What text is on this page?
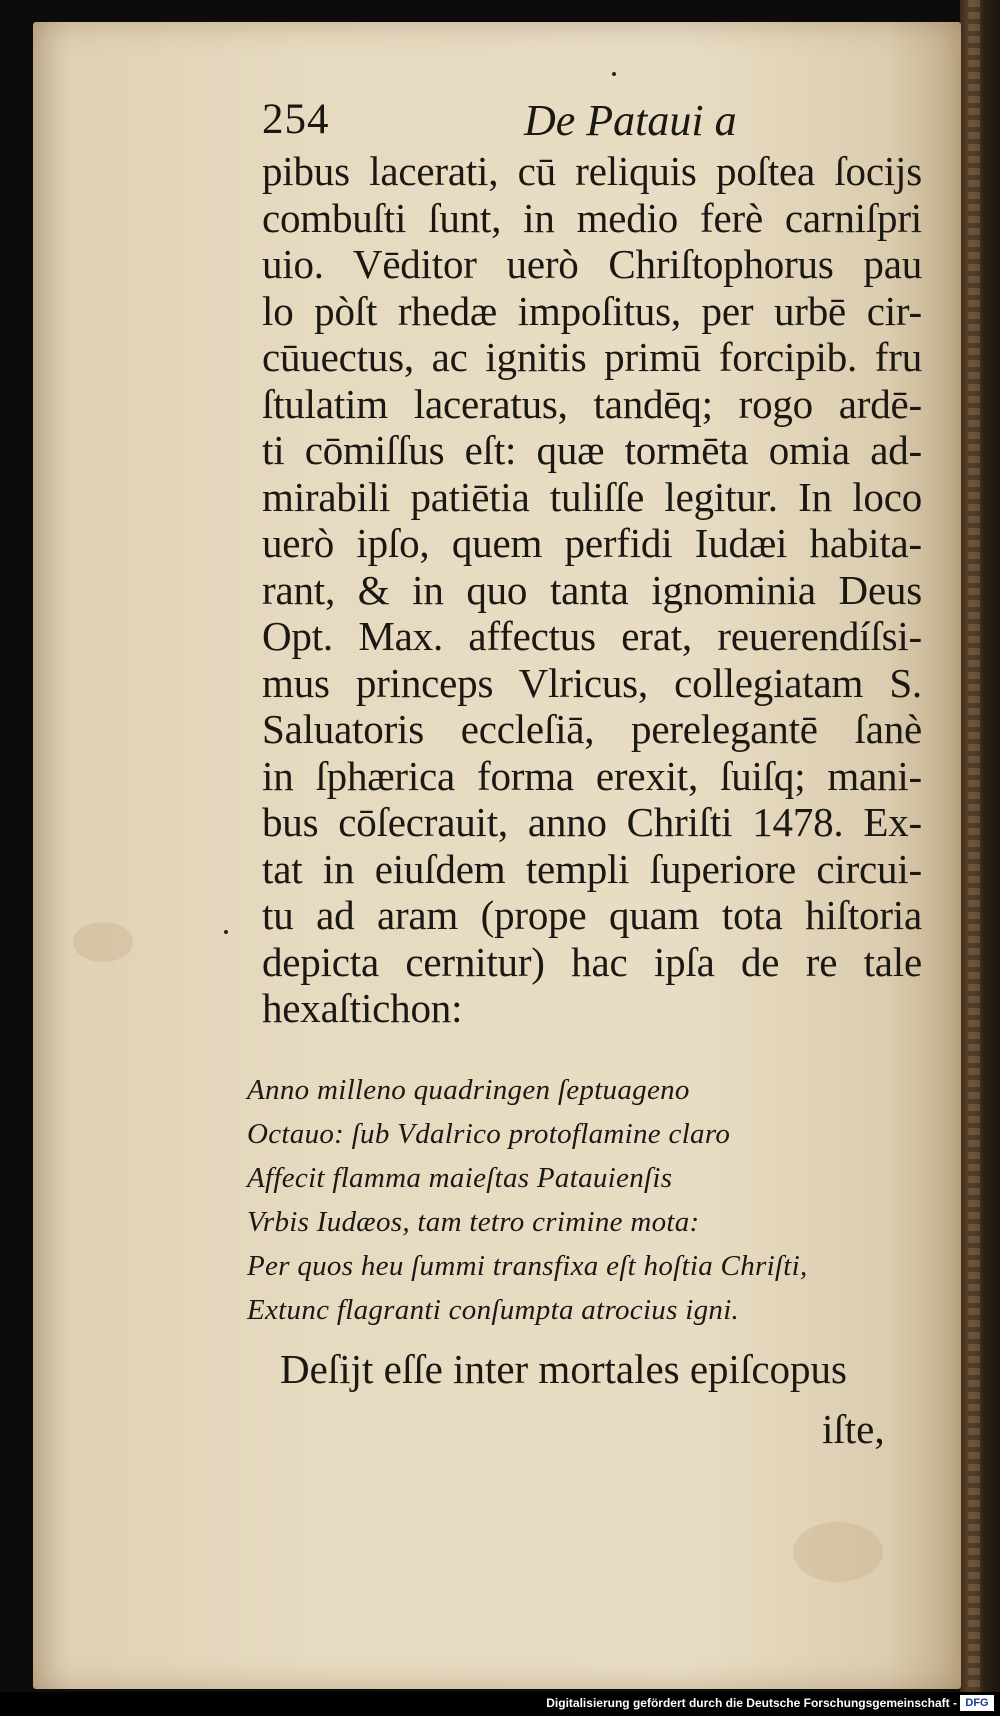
254	De Pataui a
pibus lacerati, cū reliquis poſtea ſocijs
combuſti ſunt, in medio ferè carniſpri
uio. Vēditor uerò Chriſtophorus pau
lo pòſt rhedæ impoſitus, per urbē cir-
cūuectus, ac ignitis primū forcipib. fru
ſtulatim laceratus, tandēq; rogo ardē-
ti cōmiſſus eſt: quæ tormēta omia ad-
mirabili patiētia tuliſſe legitur. In loco
uerò ipſo, quem perfidi Iudæi habita-
rant, & in quo tanta ignominia Deus
Opt. Max. affectus erat, reuerendíſsi-
mus princeps Vlricus, collegiatam S.
Saluatoris eccleſiā, perelegantē ſanè
in ſphærica forma erexit, ſuiſq; mani-
bus cōſecrauit, anno Chriſti 1478. Ex-
tat in eiuſdem templi ſuperiore circui-
tu ad aram (prope quam tota hiſtoria
depicta cernitur) hac ipſa de re tale
hexaſtichon:
Anno milleno quadringen ſeptuageno
Octauo: ſub Vdalrico protoflamine claro
Affecit flamma maieſtas Patauienſis
Vrbis Iudæos, tam tetro crimine mota:
Per quos heu ſummi transfixa eſt hoſtia Chriſti,
Extunc flagranti conſumpta atrocius igni.
Deſijt eſſe inter mortales epiſcopus
iſte,
Digitalisierung gefördert durch die Deutsche Forschungsgemeinschaft - DFG
